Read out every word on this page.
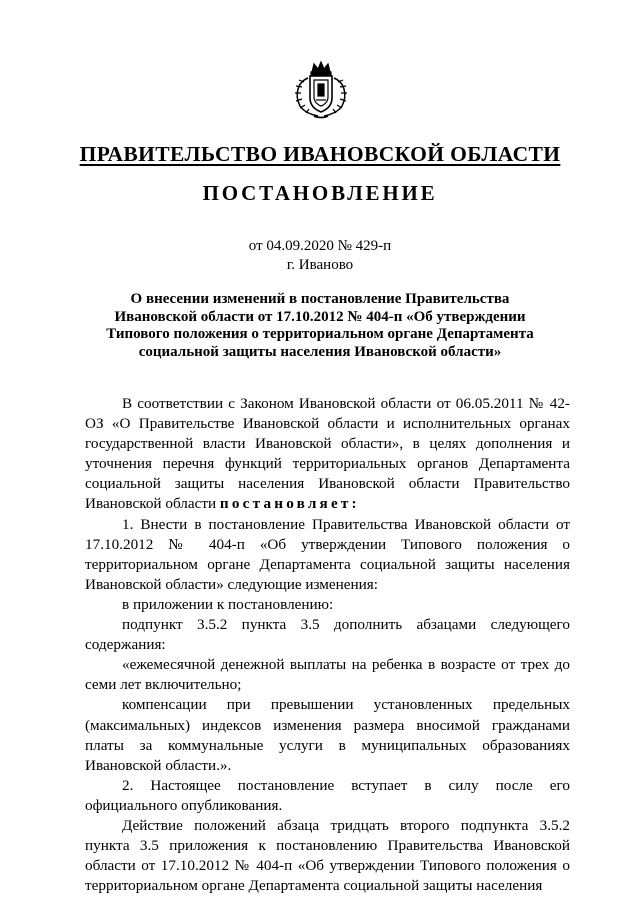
ПРАВИТЕЛЬСТВО ИВАНОВСКОЙ ОБЛАСТИ
ПОСТАНОВЛЕНИЕ
от 04.09.2020 № 429-п
г. Иваново
О внесении изменений в постановление Правительства
Ивановской области от 17.10.2012 № 404-п «Об утверждении
Типового положения о территориальном органе Департамента
социальной защиты населения Ивановской области»

В соответствии с Законом Ивановской области от 06.05.2011 № 42-ОЗ «О Правительстве Ивановской области и исполнительных органах государственной власти Ивановской области», в целях дополнения и уточнения перечня функций территориальных органов Департамента социальной защиты населения Ивановской области Правительство Ивановской области постановляет:

1. Внести в постановление Правительства Ивановской области от 17.10.2012 № 404-п «Об утверждении Типового положения о территориальном органе Департамента социальной защиты населения Ивановской области» следующие изменения:

в приложении к постановлению:

подпункт 3.5.2 пункта 3.5 дополнить абзацами следующего содержания:

«ежемесячной денежной выплаты на ребенка в возрасте от трех до семи лет включительно;

компенсации при превышении установленных предельных (максимальных) индексов изменения размера вносимой гражданами платы за коммунальные услуги в муниципальных образованиях Ивановской области.».

2. Настоящее постановление вступает в силу после его официального опубликования.

Действие положений абзаца тридцать второго подпункта 3.5.2 пункта 3.5 приложения к постановлению Правительства Ивановской области от 17.10.2012 № 404-п «Об утверждении Типового положения о территориальном органе Департамента социальной защиты населения
